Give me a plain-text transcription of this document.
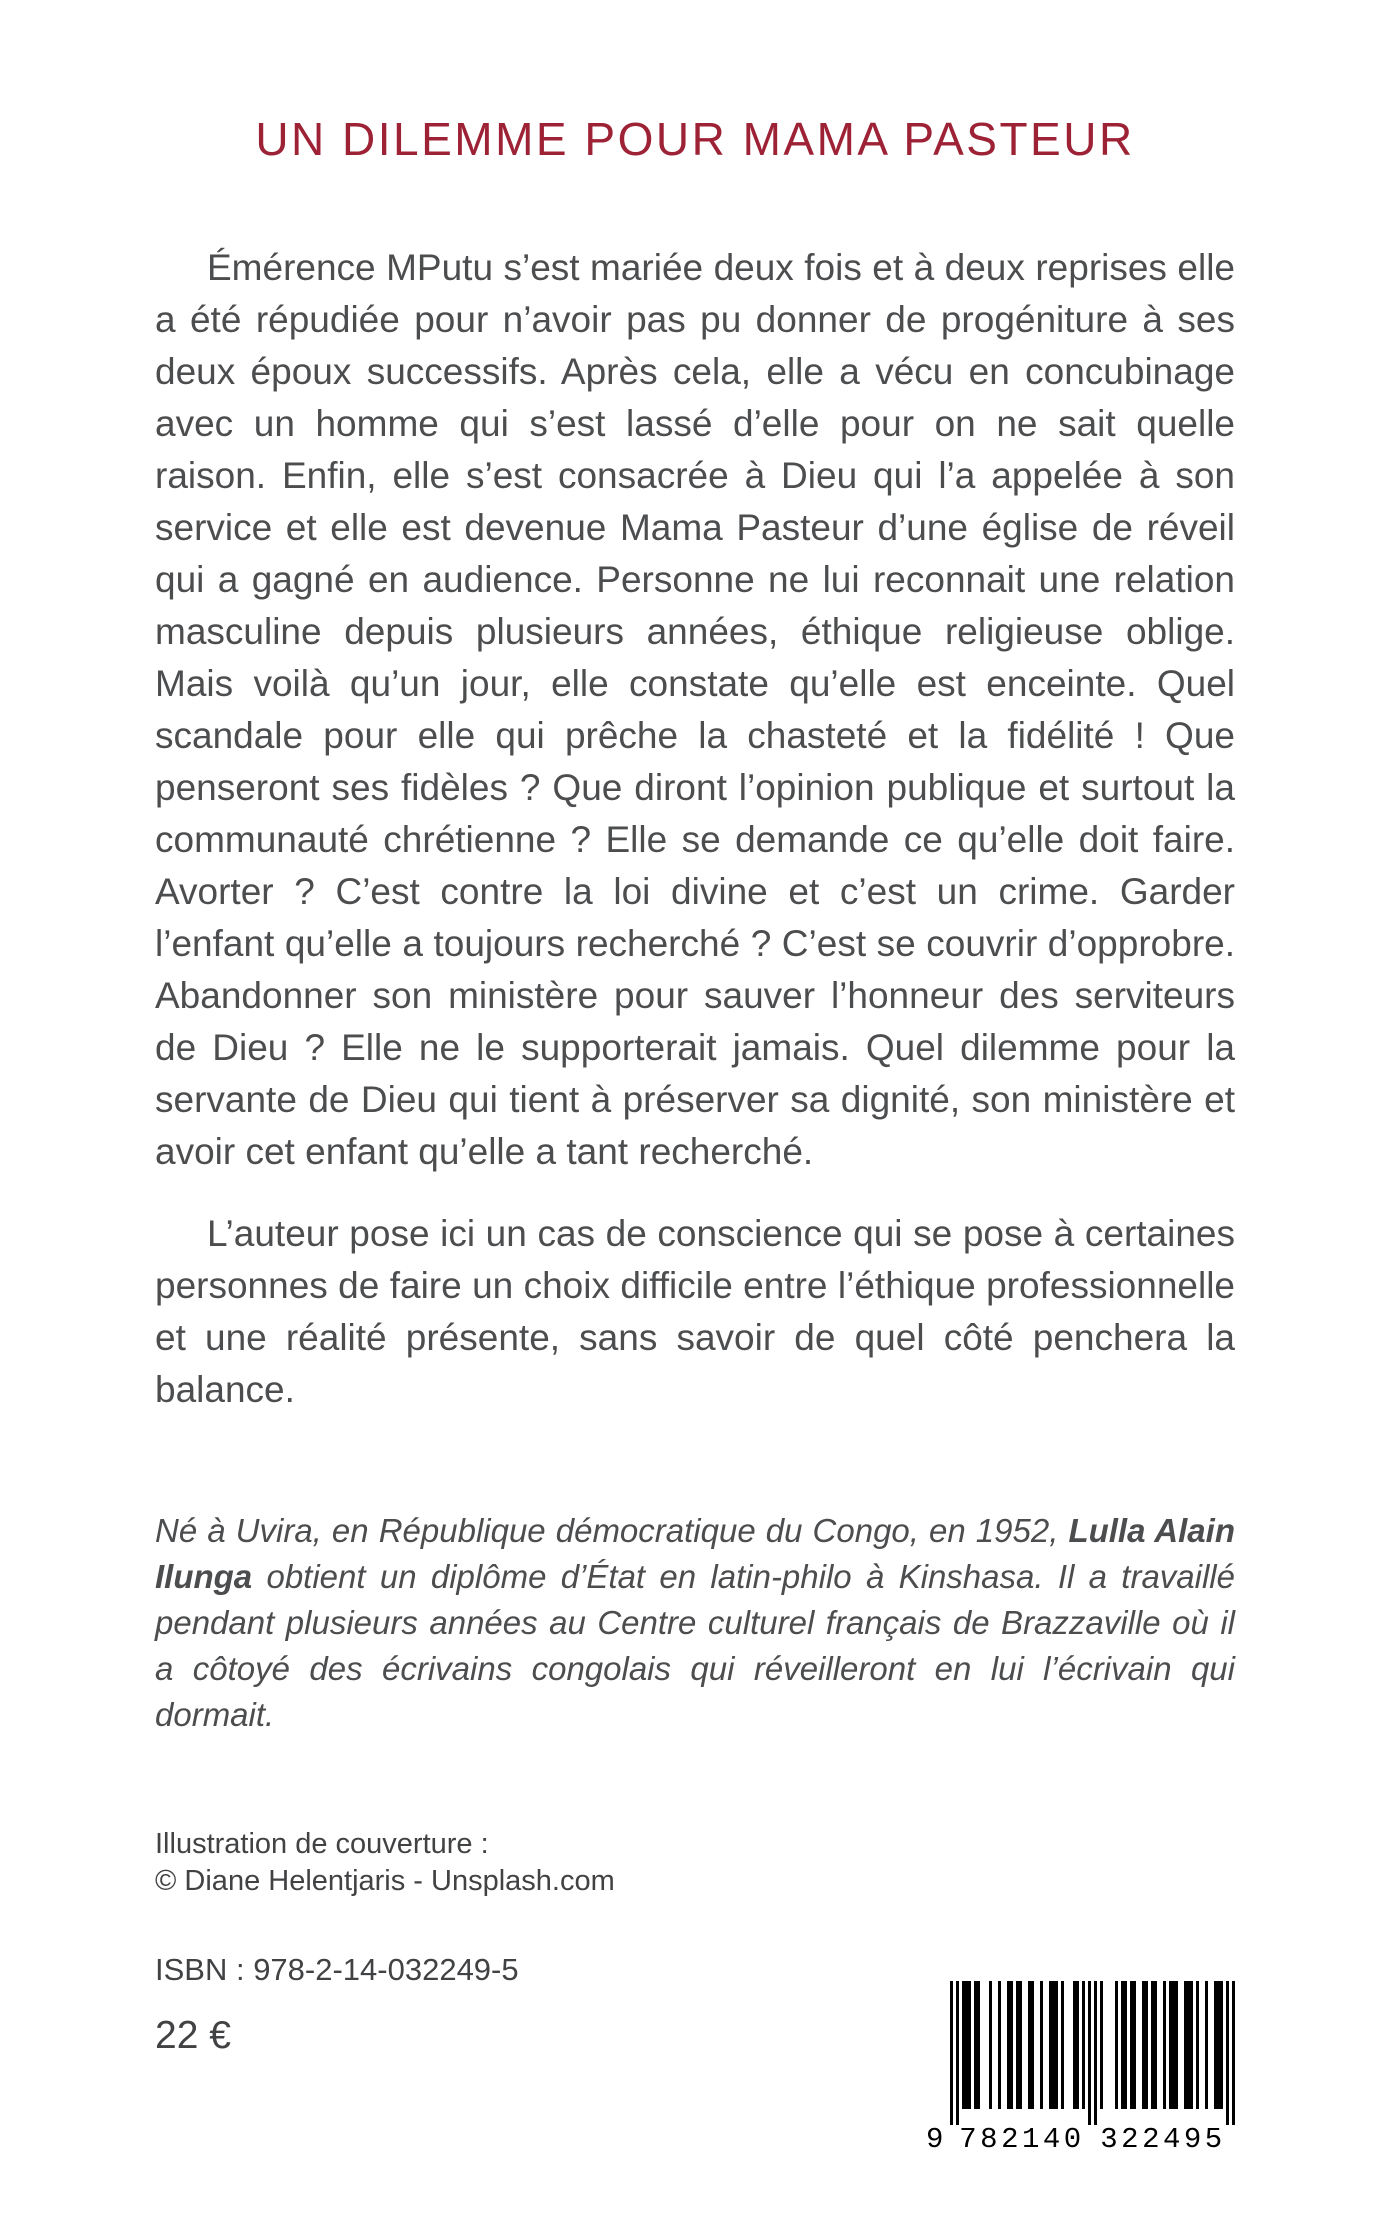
UN DILEMME POUR MAMA PASTEUR

Émérence MPutu s’est mariée deux fois et à deux reprises elle a été répudiée pour n’avoir pas pu donner de progéniture à ses deux époux successifs. Après cela, elle a vécu en concubinage avec un homme qui s’est lassé d’elle pour on ne sait quelle raison. Enfin, elle s’est consacrée à Dieu qui l’a appelée à son service et elle est devenue Mama Pasteur d’une église de réveil qui a gagné en audience. Personne ne lui reconnait une relation masculine depuis plusieurs années, éthique religieuse oblige. Mais voilà qu’un jour, elle constate qu’elle est enceinte. Quel scandale pour elle qui prêche la chasteté et la fidélité ! Que penseront ses fidèles ? Que diront l’opinion publique et surtout la communauté chrétienne ? Elle se demande ce qu’elle doit faire. Avorter ? C’est contre la loi divine et c’est un crime. Garder l’enfant qu’elle a toujours recherché ? C’est se couvrir d’opprobre. Abandonner son ministère pour sauver l’honneur des serviteurs de Dieu ? Elle ne le supporterait jamais. Quel dilemme pour la servante de Dieu qui tient à préserver sa dignité, son ministère et avoir cet enfant qu’elle a tant recherché.

L’auteur pose ici un cas de conscience qui se pose à certaines personnes de faire un choix difficile entre l’éthique professionnelle et une réalité présente, sans savoir de quel côté penchera la balance.

Né à Uvira, en République démocratique du Congo, en 1952, Lulla Alain Ilunga obtient un diplôme d’État en latin-philo à Kinshasa. Il a travaillé pendant plusieurs années au Centre culturel français de Brazzaville où il a côtoyé des écrivains congolais qui réveilleront en lui l’écrivain qui dormait.
Illustration de couverture :
© Diane Helentjaris - Unsplash.com
ISBN : 978-2-14-032249-5
22 €
9 782140 322495
